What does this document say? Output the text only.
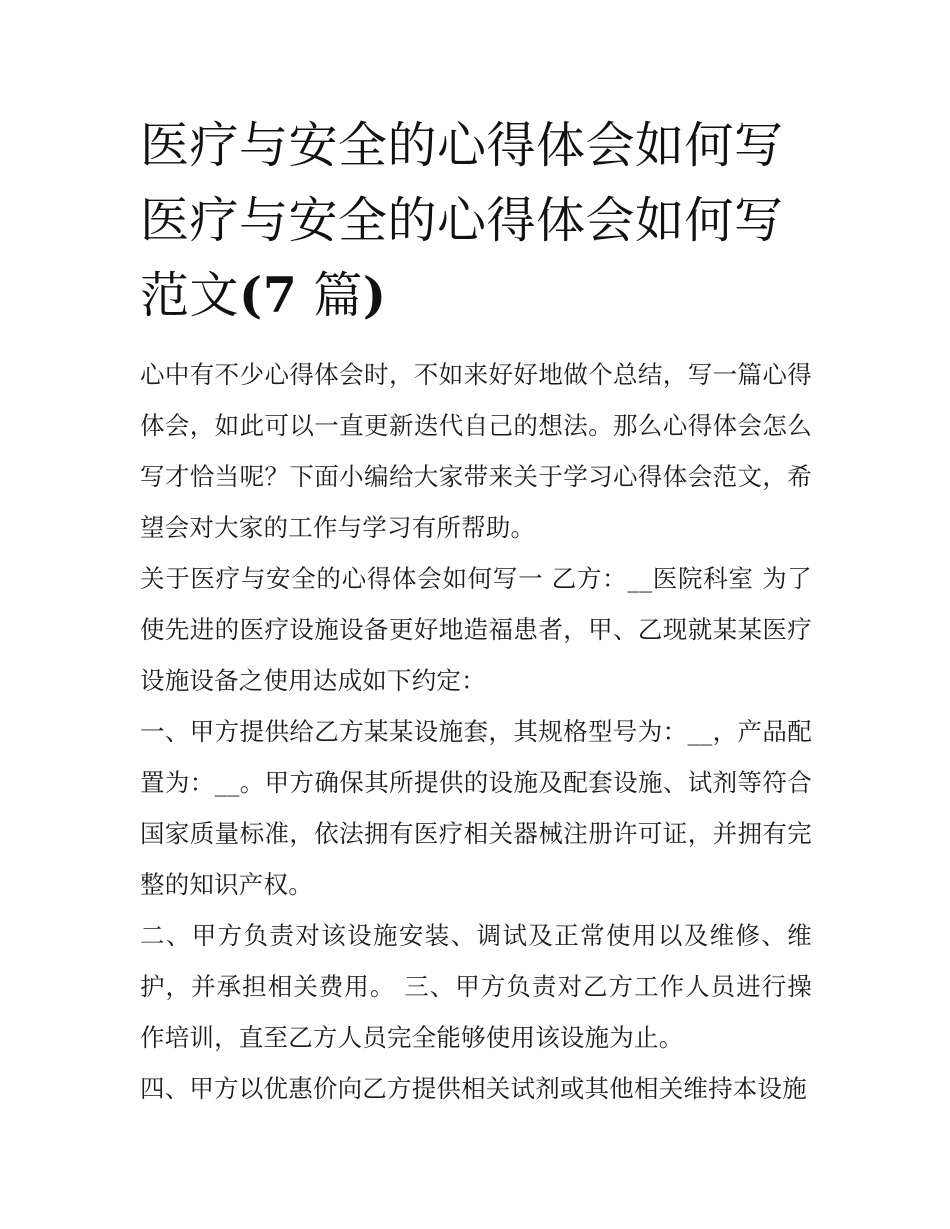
医疗与安全的心得体会如何写
医疗与安全的心得体会如何写
范文(7 篇)

心中有不少心得体会时，不如来好好地做个总结，写一篇心得体会，如此可以一直更新迭代自己的想法。那么心得体会怎么写才恰当呢？下面小编给大家带来关于学习心得体会范文，希望会对大家的工作与学习有所帮助。

关于医疗与安全的心得体会如何写一 乙方：__医院科室 为了使先进的医疗设施设备更好地造福患者，甲、乙现就某某医疗设施设备之使用达成如下约定：

一、甲方提供给乙方某某设施套，其规格型号为：__，产品配置为：__。甲方确保其所提供的设施及配套设施、试剂等符合国家质量标准，依法拥有医疗相关器械注册许可证，并拥有完整的知识产权。

二、甲方负责对该设施安装、调试及正常使用以及维修、维护，并承担相关费用。 三、甲方负责对乙方工作人员进行操作培训，直至乙方人员完全能够使用该设施为止。

四、甲方以优惠价向乙方提供相关试剂或其他相关维持本设施
